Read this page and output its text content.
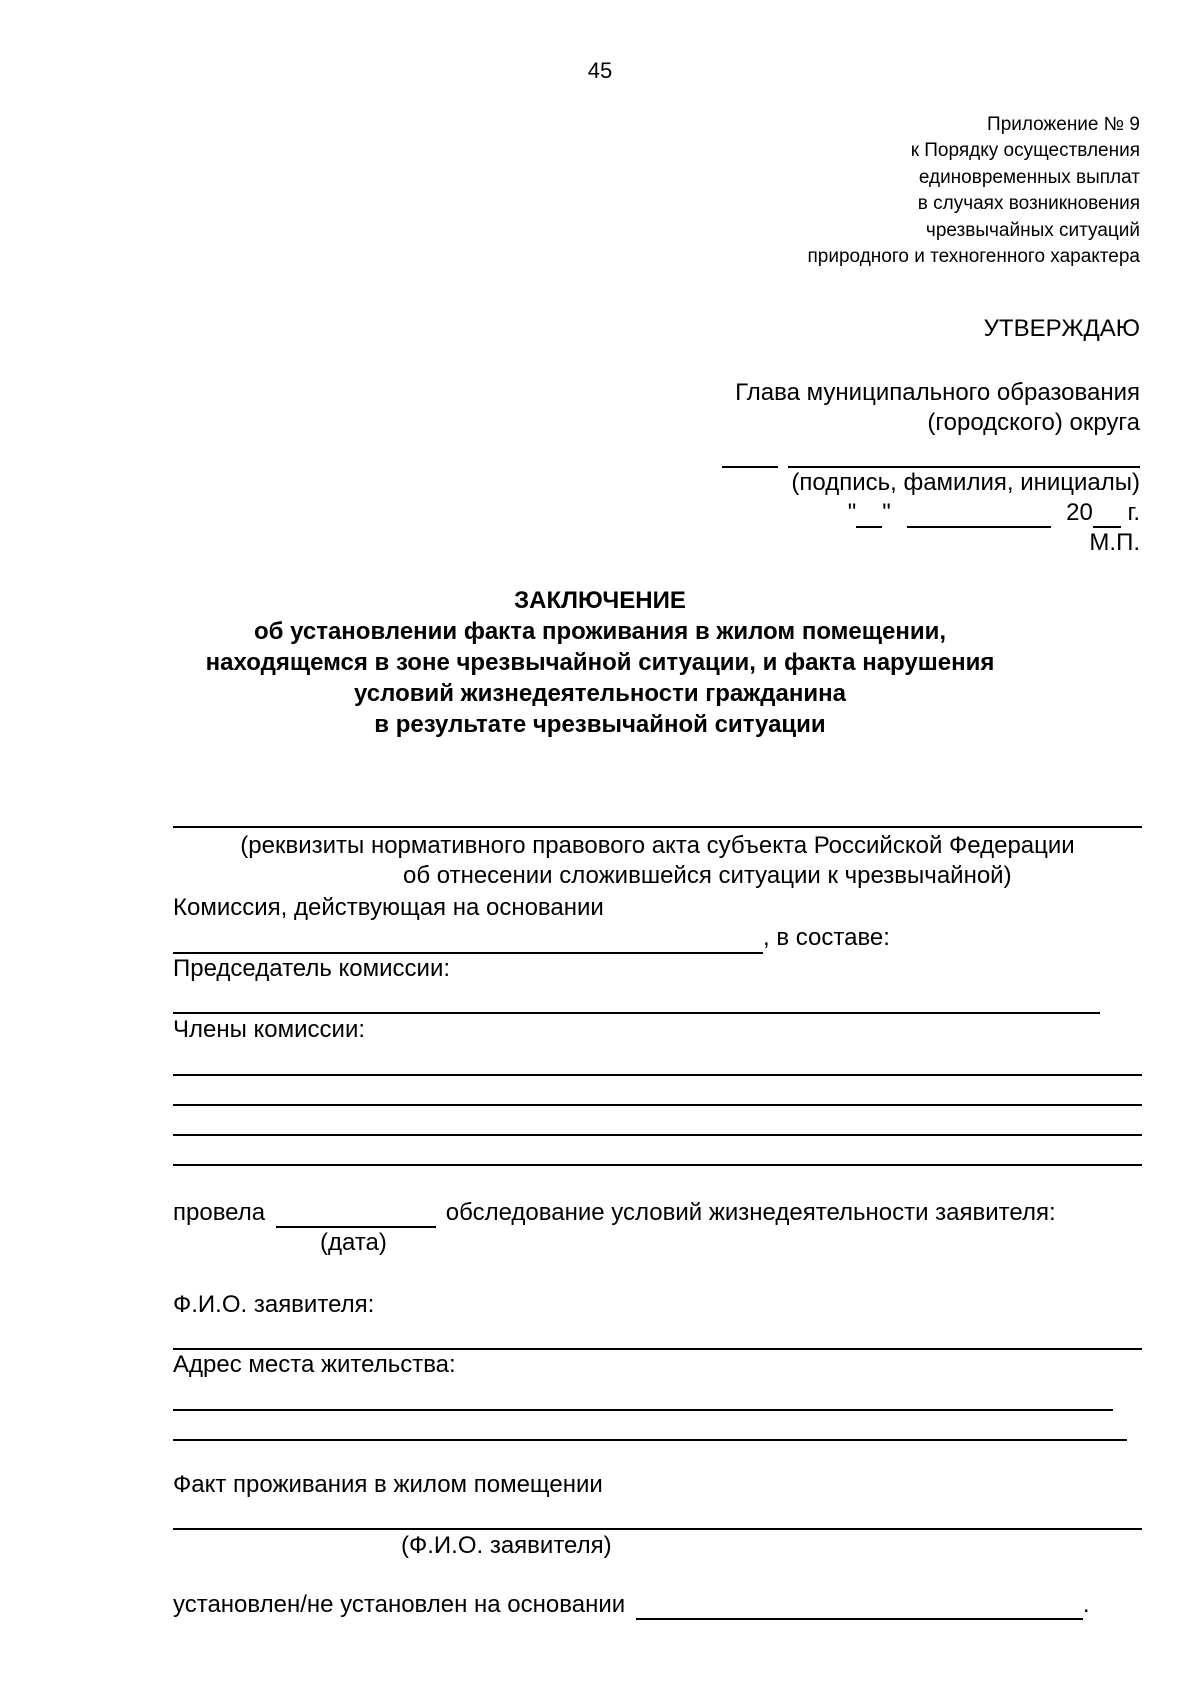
45
Приложение № 9
к Порядку осуществления
единовременных выплат
в случаях возникновения
чрезвычайных ситуаций
природного и техногенного характера
УТВЕРЖДАЮ
Глава муниципального образования
(городского) округа
(подпись, фамилия, инициалы)
" "	20 г.
М.П.
ЗАКЛЮЧЕНИЕ
об установлении факта проживания в жилом помещении,
находящемся в зоне чрезвычайной ситуации, и факта нарушения
условий жизнедеятельности гражданина
в результате чрезвычайной ситуации
(реквизиты нормативного правового акта субъекта Российской Федерации
об отнесении сложившейся ситуации к чрезвычайной)
Комиссия, действующая на основании
, в составе:
Председатель комиссии:
Члены комиссии:
провела	обследование условий жизнедеятельности заявителя:
(дата)
Ф.И.О. заявителя:
Адрес места жительства:
Факт проживания в жилом помещении
(Ф.И.О. заявителя)
установлен/не установлен на основании	.
